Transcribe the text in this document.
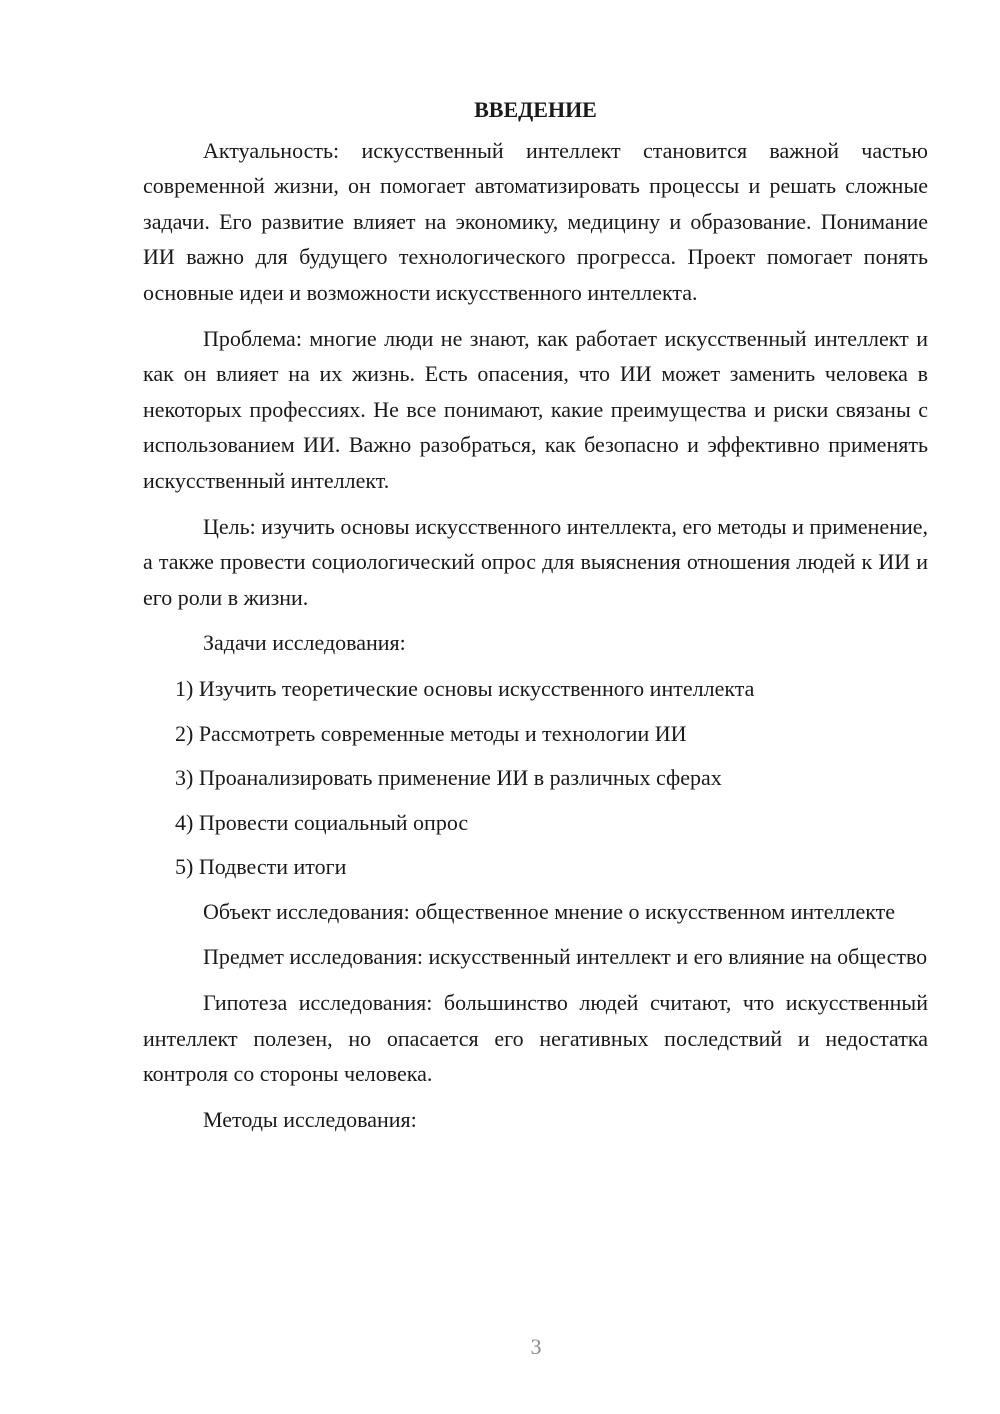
ВВЕДЕНИЕ

Актуальность: искусственный интеллект становится важной частью современной жизни, он помогает автоматизировать процессы и решать сложные задачи. Его развитие влияет на экономику, медицину и образование. Понимание ИИ важно для будущего технологического прогресса. Проект помогает понять основные идеи и возможности искусственного интеллекта.

Проблема: многие люди не знают, как работает искусственный интеллект и как он влияет на их жизнь. Есть опасения, что ИИ может заменить человека в некоторых профессиях. Не все понимают, какие преимущества и риски связаны с использованием ИИ. Важно разобраться, как безопасно и эффективно применять искусственный интеллект.

Цель: изучить основы искусственного интеллекта, его методы и применение, а также провести социологический опрос для выяснения отношения людей к ИИ и его роли в жизни.

Задачи исследования:

1) Изучить теоретические основы искусственного интеллекта
2) Рассмотреть современные методы и технологии ИИ
3) Проанализировать применение ИИ в различных сферах
4) Провести социальный опрос
5) Подвести итоги

Объект исследования: общественное мнение о искусственном интеллекте

Предмет исследования: искусственный интеллект и его влияние на общество

Гипотеза исследования: большинство людей считают, что искусственный интеллект полезен, но опасается его негативных последствий и недостатка контроля со стороны человека.

Методы исследования:

3
